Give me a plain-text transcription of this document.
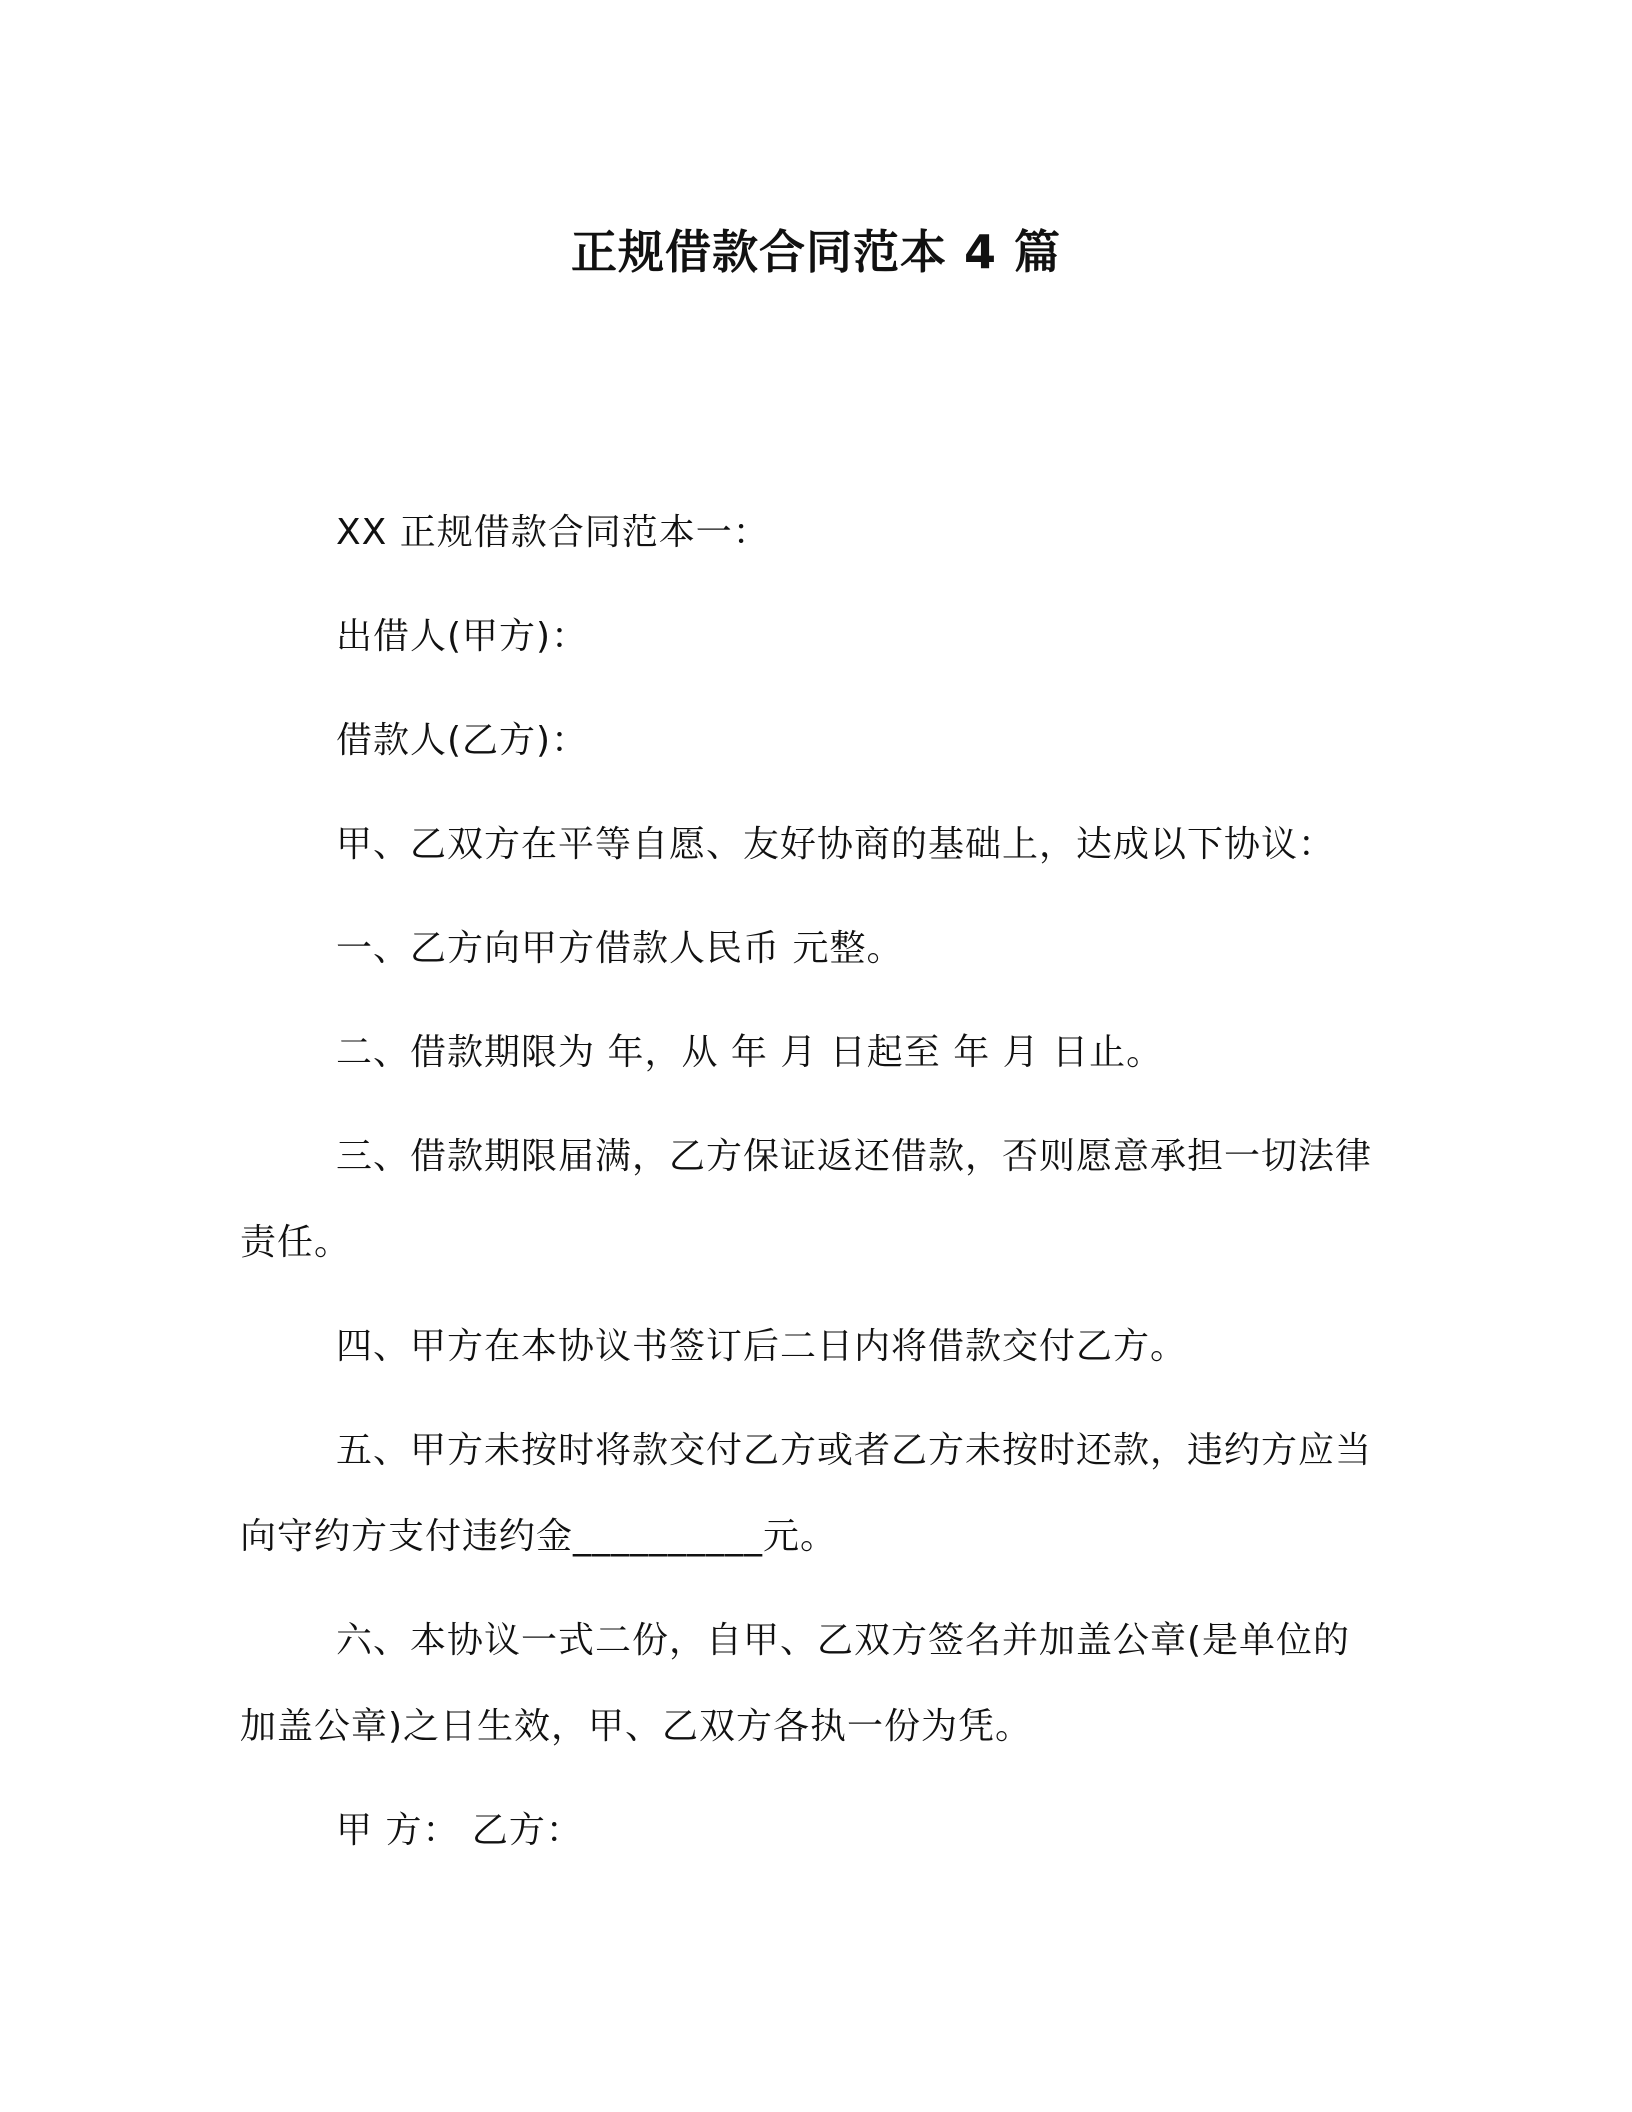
正规借款合同范本 4 篇

XX 正规借款合同范本一：

出借人(甲方)：

借款人(乙方)：

甲、乙双方在平等自愿、友好协商的基础上，达成以下协议：

一、乙方向甲方借款人民币 元整。

二、借款期限为 年，从 年 月 日起至 年 月 日止。

三、借款期限届满，乙方保证返还借款，否则愿意承担一切法律责任。

四、甲方在本协议书签订后二日内将借款交付乙方。

五、甲方未按时将款交付乙方或者乙方未按时还款，违约方应当向守约方支付违约金__________元。

六、本协议一式二份，自甲、乙双方签名并加盖公章(是单位的加盖公章)之日生效，甲、乙双方各执一份为凭。

甲 方： 乙方：
